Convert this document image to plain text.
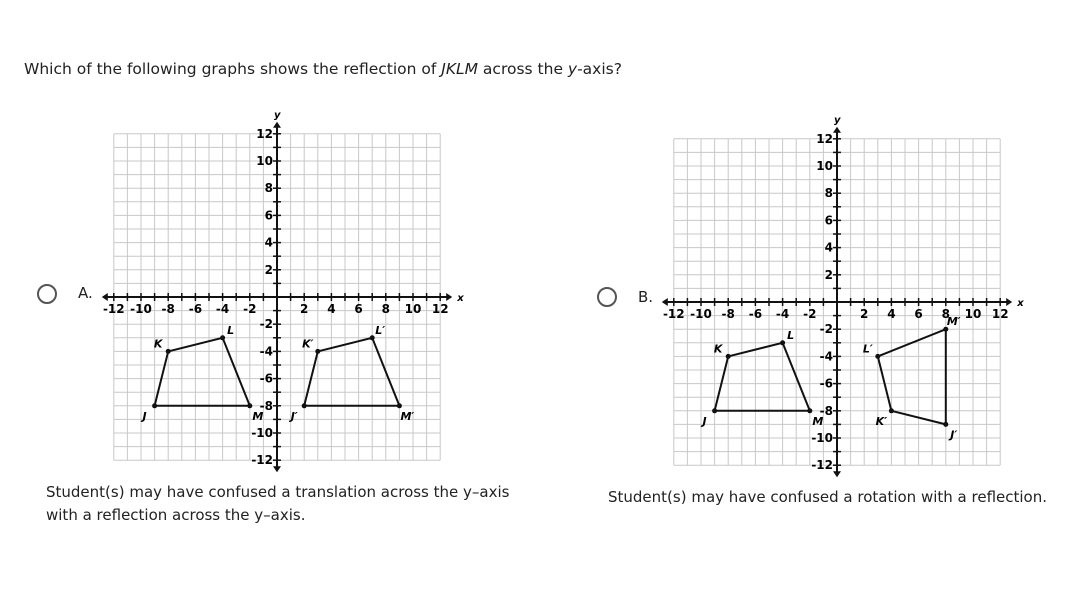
Which of the following graphs shows the reflection of JKLM across the y-axis?
A.	x
y
-12
-12
-10
-10
-8
-8
-6
-6
-4
-4
-2
-2
2
2
4
4
6
6
8
8
10
10
12
12
J
K
L
M J′
K′
L′
M′
Student(s) may have confused a translation across the y–axis
with a reflection across the y–axis.
B.	x
y
-12
-12
-10
-10
-8
-8
-6
-6
-4
-4
-2
-2
2
2
4
4
6
6
8
8
10
10
12
12
J
K
L
M
J′
K′
L′
M′
Student(s) may have confused a rotation with a reflection.
